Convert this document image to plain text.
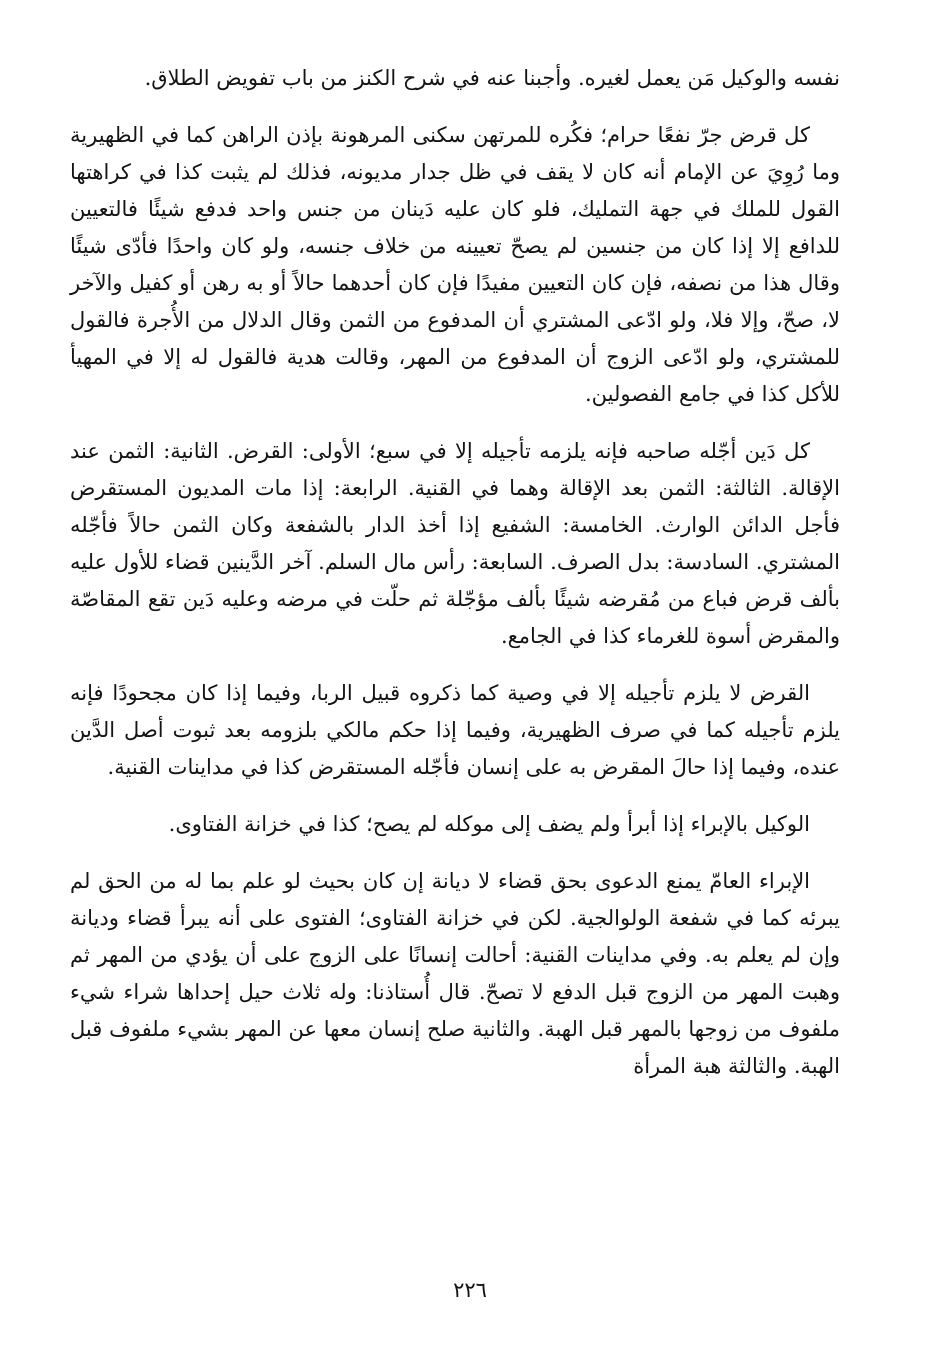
نفسه والوكيل مَن يعمل لغيره. وأجبنا عنه في شرح الكنز من باب تفويض الطلاق.

كل قرض جرّ نفعًا حرام؛ فكُره للمرتهن سكنى المرهونة بإذن الراهن كما في الظهيرية وما رُوِيَ عن الإمام أنه كان لا يقف في ظل جدار مديونه، فذلك لم يثبت كذا في كراهتها القول للملك في جهة التمليك، فلو كان عليه دَينان من جنس واحد فدفع شيئًا فالتعيين للدافع إلا إذا كان من جنسين لم يصحّ تعيينه من خلاف جنسه، ولو كان واحدًا فأدّى شيئًا وقال هذا من نصفه، فإن كان التعيين مفيدًا فإن كان أحدهما حالاً أو به رهن أو كفيل والآخر لا، صحّ، وإلا فلا، ولو ادّعى المشتري أن المدفوع من الثمن وقال الدلال من الأُجرة فالقول للمشتري، ولو ادّعى الزوج أن المدفوع من المهر، وقالت هدية فالقول له إلا في المهيأ للأكل كذا في جامع الفصولين.

كل دَين أجّله صاحبه فإنه يلزمه تأجيله إلا في سبع؛ الأولى: القرض. الثانية: الثمن عند الإقالة. الثالثة: الثمن بعد الإقالة وهما في القنية. الرابعة: إذا مات المديون المستقرض فأجل الدائن الوارث. الخامسة: الشفيع إذا أخذ الدار بالشفعة وكان الثمن حالاً فأجّله المشتري. السادسة: بدل الصرف. السابعة: رأس مال السلم. آخر الدَّينين قضاء للأول عليه بألف قرض فباع من مُقرضه شيئًا بألف مؤجّلة ثم حلّت في مرضه وعليه دَين تقع المقاصّة والمقرض أسوة للغرماء كذا في الجامع.

القرض لا يلزم تأجيله إلا في وصية كما ذكروه قبيل الربا، وفيما إذا كان مجحودًا فإنه يلزم تأجيله كما في صرف الظهيرية، وفيما إذا حكم مالكي بلزومه بعد ثبوت أصل الدَّين عنده، وفيما إذا حالَ المقرض به على إنسان فأجّله المستقرض كذا في مداينات القنية.

الوكيل بالإبراء إذا أبرأ ولم يضف إلى موكله لم يصح؛ كذا في خزانة الفتاوى.

الإبراء العامّ يمنع الدعوى بحق قضاء لا ديانة إن كان بحيث لو علم بما له من الحق لم يبرئه كما في شفعة الولوالجية. لكن في خزانة الفتاوى؛ الفتوى على أنه يبرأ قضاء وديانة وإن لم يعلم به. وفي مداينات القنية: أحالت إنسانًا على الزوج على أن يؤدي من المهر ثم وهبت المهر من الزوج قبل الدفع لا تصحّ. قال أُستاذنا: وله ثلاث حيل إحداها شراء شيء ملفوف من زوجها بالمهر قبل الهبة. والثانية صلح إنسان معها عن المهر بشيء ملفوف قبل الهبة. والثالثة هبة المرأة

٢٢٦
